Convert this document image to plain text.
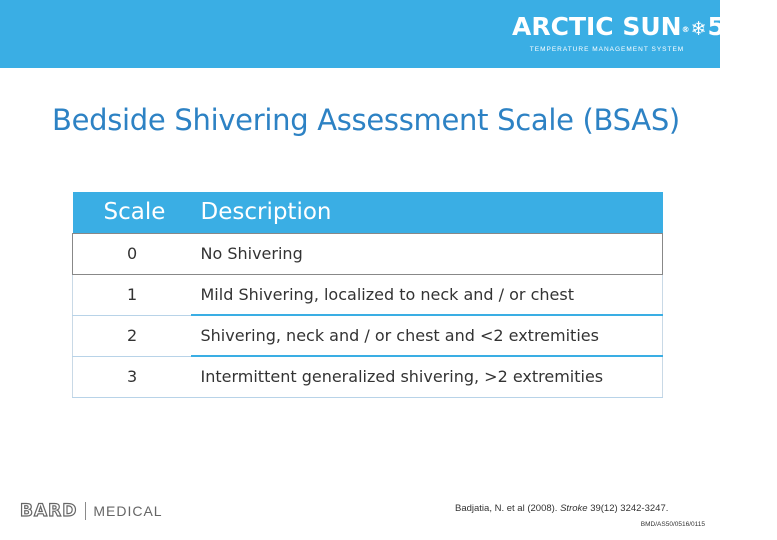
ARCTIC SUN®❄5000
TEMPERATURE MANAGEMENT SYSTEM
Bedside Shivering Assessment Scale (BSAS)
Scale	Description
0	No Shivering
1	Mild Shivering, localized to neck and / or chest
2	Shivering, neck and / or chest and <2 extremities
3	Intermittent generalized shivering, >2 extremities
BARD MEDICAL	Badjatia, N. et al (2008). Stroke 39(12) 3242-3247.
BMD/AS50/0516/0115
